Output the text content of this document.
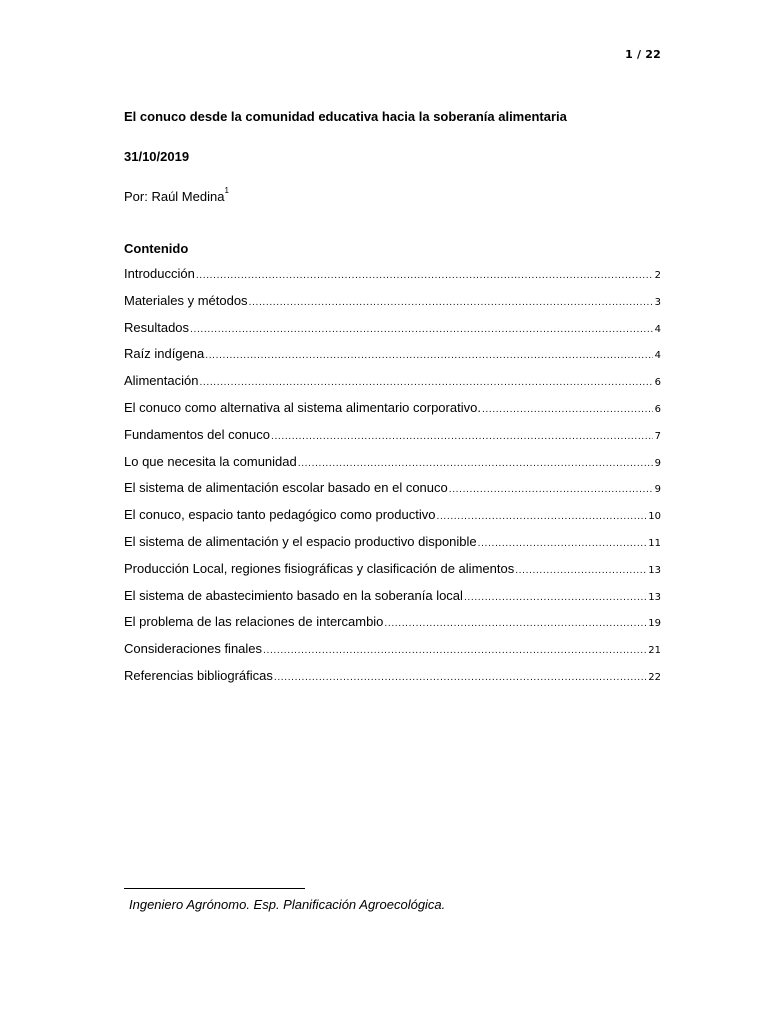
1 / 22
El conuco desde la comunidad educativa hacia la soberanía alimentaria
31/10/2019
Por: Raúl Medina$^1$
Contenido
Introducción .....	2
Materiales y métodos .....	3
Resultados .....	4
Raíz indígena .....	4
Alimentación .....	6
El conuco como alternativa al sistema alimentario corporativo. .....	6
Fundamentos del conuco .....	7
Lo que necesita la comunidad .....	9
El sistema de alimentación escolar basado en el conuco .....	9
El conuco, espacio tanto pedagógico como productivo .....	10
El sistema de alimentación y el espacio productivo disponible .....	11
Producción Local, regiones fisiográficas y clasificación de alimentos .....	13
El sistema de abastecimiento basado en la soberanía local .....	13
El problema de las relaciones de intercambio .....	19
Consideraciones finales .....	21
Referencias bibliográficas .....	22
Ingeniero Agrónomo. Esp. Planificación Agroecológica.
